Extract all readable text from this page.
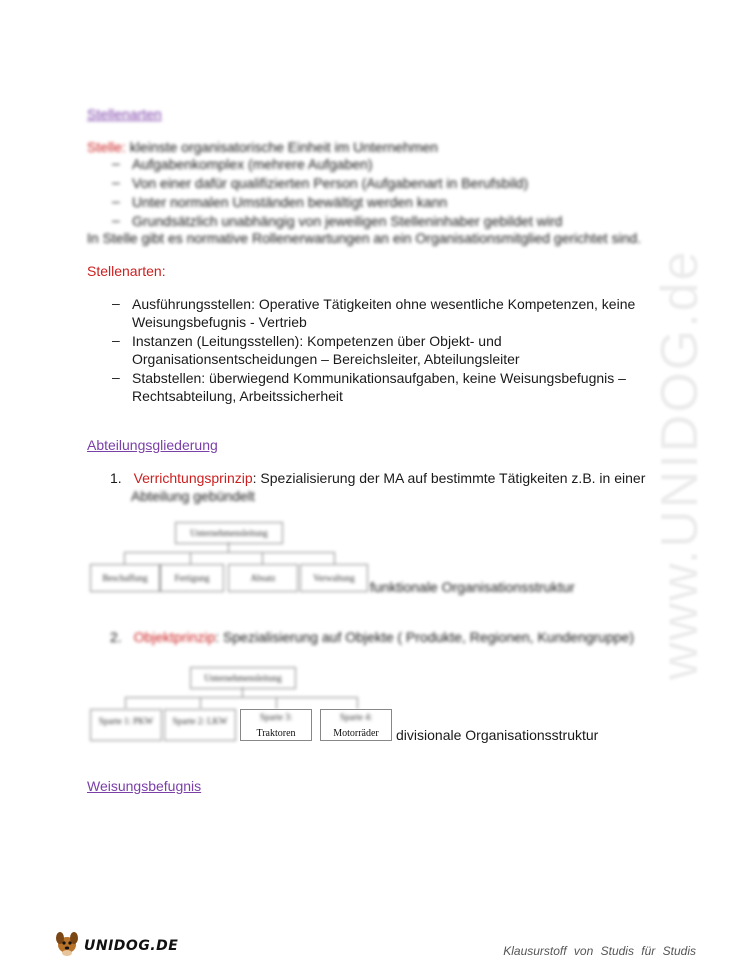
www.UNIDOG.de
Stellenarten
Stelle: kleinste organisatorische Einheit im Unternehmen
– Aufgabenkomplex (mehrere Aufgaben)
– Von einer dafür qualifizierten Person (Aufgabenart in Berufsbild)
– Unter normalen Umständen bewältigt werden kann
– Grundsätzlich unabhängig von jeweiligen Stelleninhaber gebildet wird
In Stelle gibt es normative Rollenerwartungen an ein Organisationsmitglied gerichtet sind.
Stellenarten:
– Ausführungsstellen: Operative Tätigkeiten ohne wesentliche Kompetenzen, keine
Weisungsbefugnis - Vertrieb
– Instanzen (Leitungsstellen): Kompetenzen über Objekt- und
Organisationsentscheidungen – Bereichsleiter, Abteilungsleiter
– Stabstellen: überwiegend Kommunikationsaufgaben, keine Weisungsbefugnis –
Rechtsabteilung, Arbeitssicherheit
Abteilungsgliederung
1. Verrichtungsprinzip: Spezialisierung der MA auf bestimmte Tätigkeiten z.B. in einer
Abteilung gebündelt
Unternehmensleitung
Beschaffung	Fertigung	Absatz	Verwaltung
funktionale Organisationsstruktur
2. Objektprinzip: Spezialisierung auf Objekte ( Produkte, Regionen, Kundengruppe)
Unternehmensleitung
Sparte 1: PKW	Sparte 2: LKW	Sparte 3:
Traktoren
Sparte 4:
Motorräder	divisionale Organisationsstruktur
Weisungsbefugnis
UNIDOG.DE	Klausurstoff von Studis für Studis
